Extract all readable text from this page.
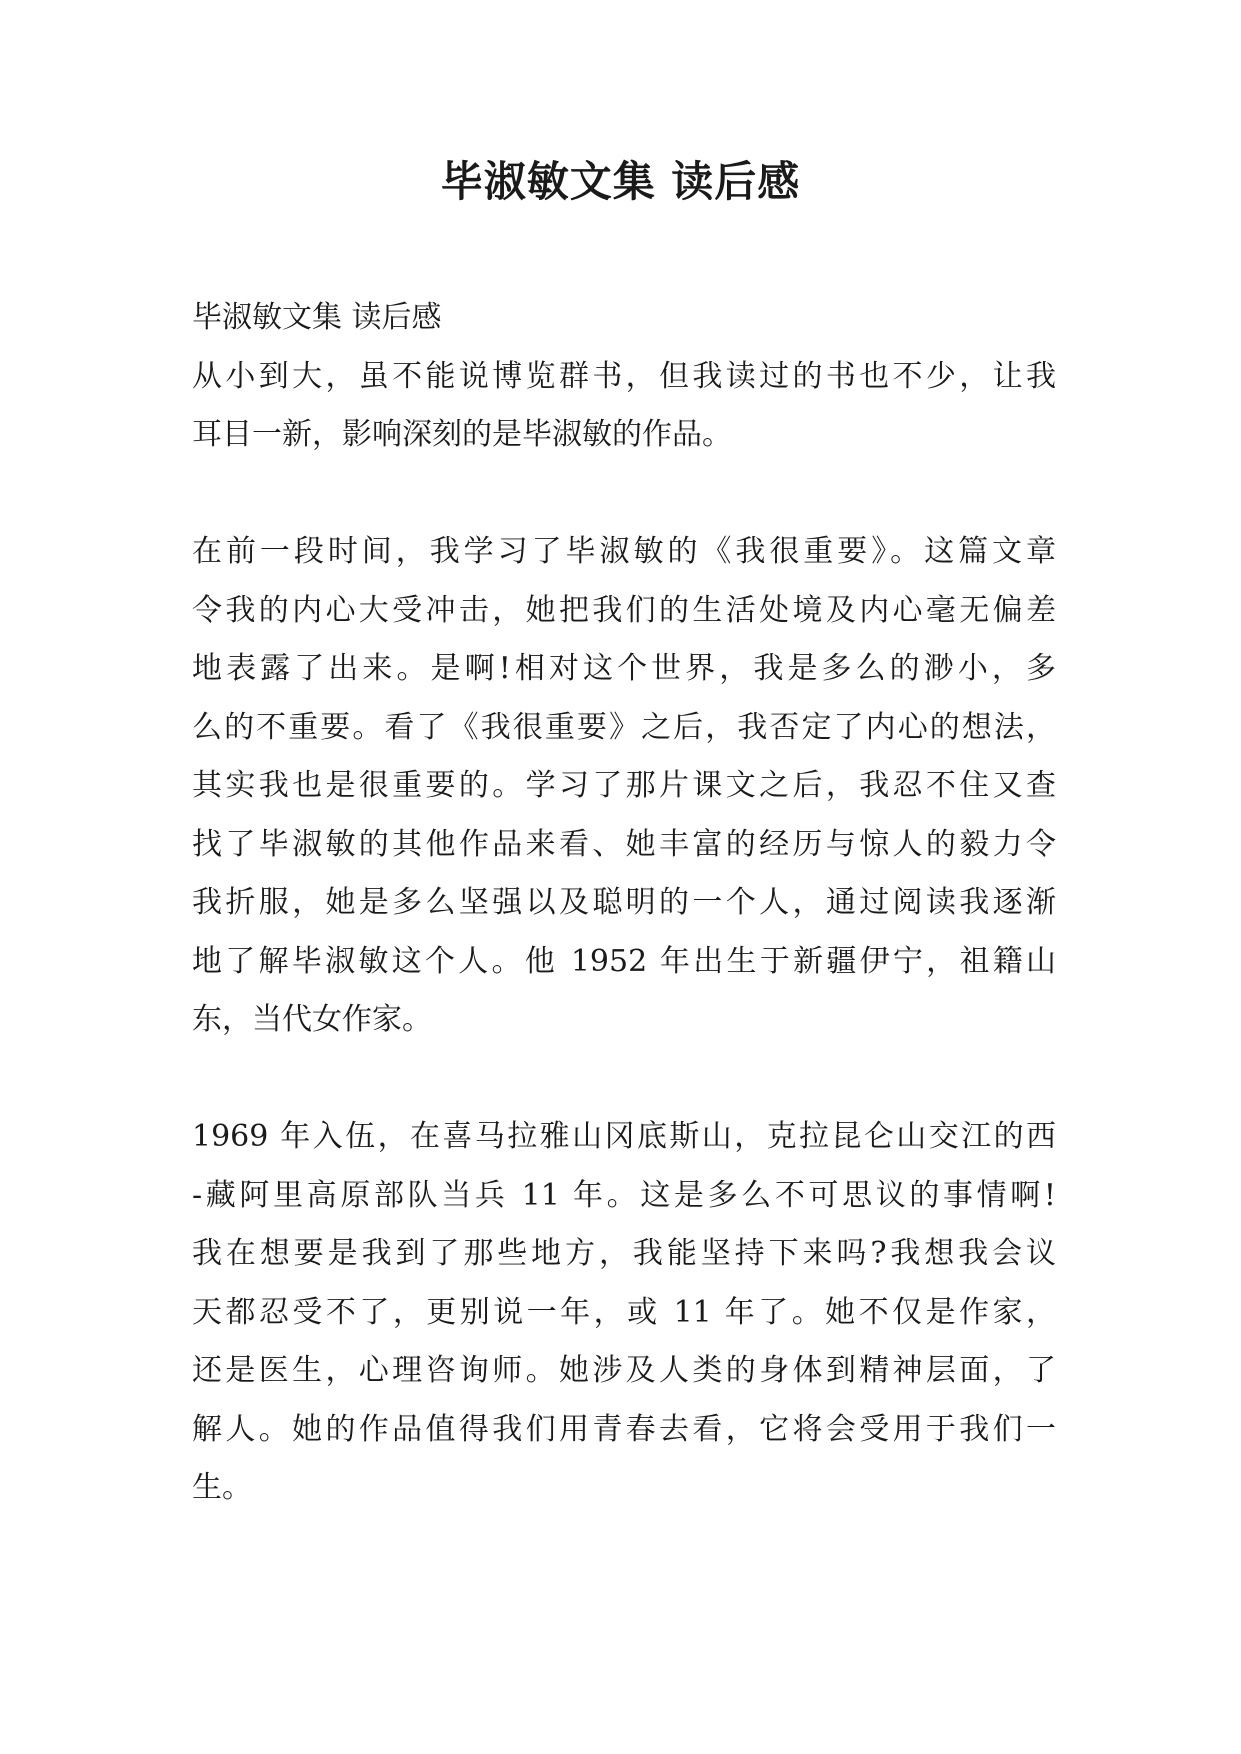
毕淑敏文集 读后感
毕淑敏文集 读后感
从小到大，虽不能说博览群书，但我读过的书也不少，让我
耳目一新，影响深刻的是毕淑敏的作品。
在前一段时间，我学习了毕淑敏的《我很重要》。这篇文章
令我的内心大受冲击，她把我们的生活处境及内心毫无偏差
地表露了出来。是啊!相对这个世界，我是多么的渺小，多
么的不重要。看了《我很重要》之后，我否定了内心的想法，
其实我也是很重要的。学习了那片课文之后，我忍不住又查
找了毕淑敏的其他作品来看、她丰富的经历与惊人的毅力令
我折服，她是多么坚强以及聪明的一个人，通过阅读我逐渐
地了解毕淑敏这个人。他 1952 年出生于新疆伊宁，祖籍山
东，当代女作家。
1969 年入伍，在喜马拉雅山冈底斯山，克拉昆仑山交江的西
-藏阿里高原部队当兵 11 年。这是多么不可思议的事情啊!
我在想要是我到了那些地方，我能坚持下来吗?我想我会议
天都忍受不了，更别说一年，或 11 年了。她不仅是作家，
还是医生，心理咨询师。她涉及人类的身体到精神层面，了
解人。她的作品值得我们用青春去看，它将会受用于我们一
生。
